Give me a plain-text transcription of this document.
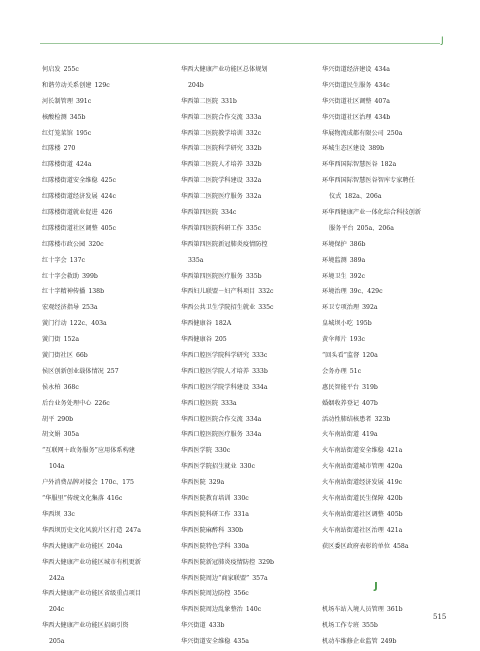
J
何启发 255c
和谐劳动关系创建 129c
河长制管理 391c
核酸检测 345b
红灯笼菜馆 195c
红隊楼 270
红隊楼街道 424a
红隊楼街道安全维稳 425c
红隊楼街道经济发展 424c
红隊楼街道就业促进 426
红隊楼街道社区调整 405c
红隊楼市政公园 320c
红十字会 137c
红十字会救助 399b
红十字精神传播 138b
宏观经济指导 253a
黉门行动 122c、403a
黉门街 152a
黉门街社区 66b
侯区创新创业载体情况 257
侯永柏 368c
后台业务处理中心 226c
胡平 290b
胡文娟 305a
“互联网＋政务服务”应用体系构建
104a
户外消费品牌对接会 170c、175
“华服里”传统文化集落 416c
华西坝 33c
华西坝历史文化风貌片区打造 247a
华西大健康产业功能区 204a
华西大健康产业功能区城市有机更新
242a
华西大健康产业功能区省级重点项目
204c
华西大健康产业功能区招商引资
205a
华西大健康产业功能区总体规划
204b
华西第二医院 331b
华西第二医院合作交流 333a
华西第二医院教学培训 332c
华西第二医院科学研究 332b
华西第二医院人才培养 332b
华西第二医院学科建设 332a
华西第二医院医疗服务 332a
华西第四医院 334c
华西第四医院科研工作 335c
华西第四医院新冠肺炎疫情防控
335a
华西第四医院医疗服务 335b
华西妇儿联盟－妇产科项目 332c
华西公共卫生学院招生就业 335c
华西健康谷 182A
华西健康谷 205
华西口腔医学院科学研究 333c
华西口腔医学院人才培养 333b
华西口腔医学院学科建设 334a
华西口腔医院 333a
华西口腔医院合作交流 334a
华西口腔医院医疗服务 334a
华西医学院 330c
华西医学院招生就业 330c
华西医院 329a
华西医院教育培训 330c
华西医院科研工作 331a
华西医院麻醉科 330b
华西医院特色学科 330a
华西医院新冠肺炎疫情防控 329b
华西医院周边“商家联盟” 357a
华西医院周边防控 356c
华西医院周边乱象整治 140c
华兴街道 433b
华兴街道安全维稳 435a
华兴街道经济建设 434a
华兴街道民生服务 434c
华兴街道社区调整 407a
华兴街道社区治理 434b
华展物流成都有限公司 250a
环城生态区建设 389b
环华西国际智慧医谷 182a
环华西国际智慧医谷智库专家聘任
仪式 182a、206a
环华西健康产业一体化综合科技创新
服务平台 205a、206a
环境保护 386b
环境监测 389a
环境卫生 392c
环境治理 39c、429c
环卫专项治理 392a
皇城坝小吃 195b
黄伞师片 193c
“回头看”监督 120a
会务办理 51c
惠民智能平台 319b
婚姻收养登记 407b
活动性肺结核患者 323b
火车南站街道 419a
火车南站街道安全维稳 421a
火车南站街道城市管理 420a
火车南站街道经济发展 419c
火车南站街道民生保障 420b
火车南站街道社区调整 405b
火车南站街道社区治理 421a
获区委区政府表彰的单位 458a
J
机场车站入境人员管理 361b
机场工作专班 355b
机动车维修企业监管 249b
515
